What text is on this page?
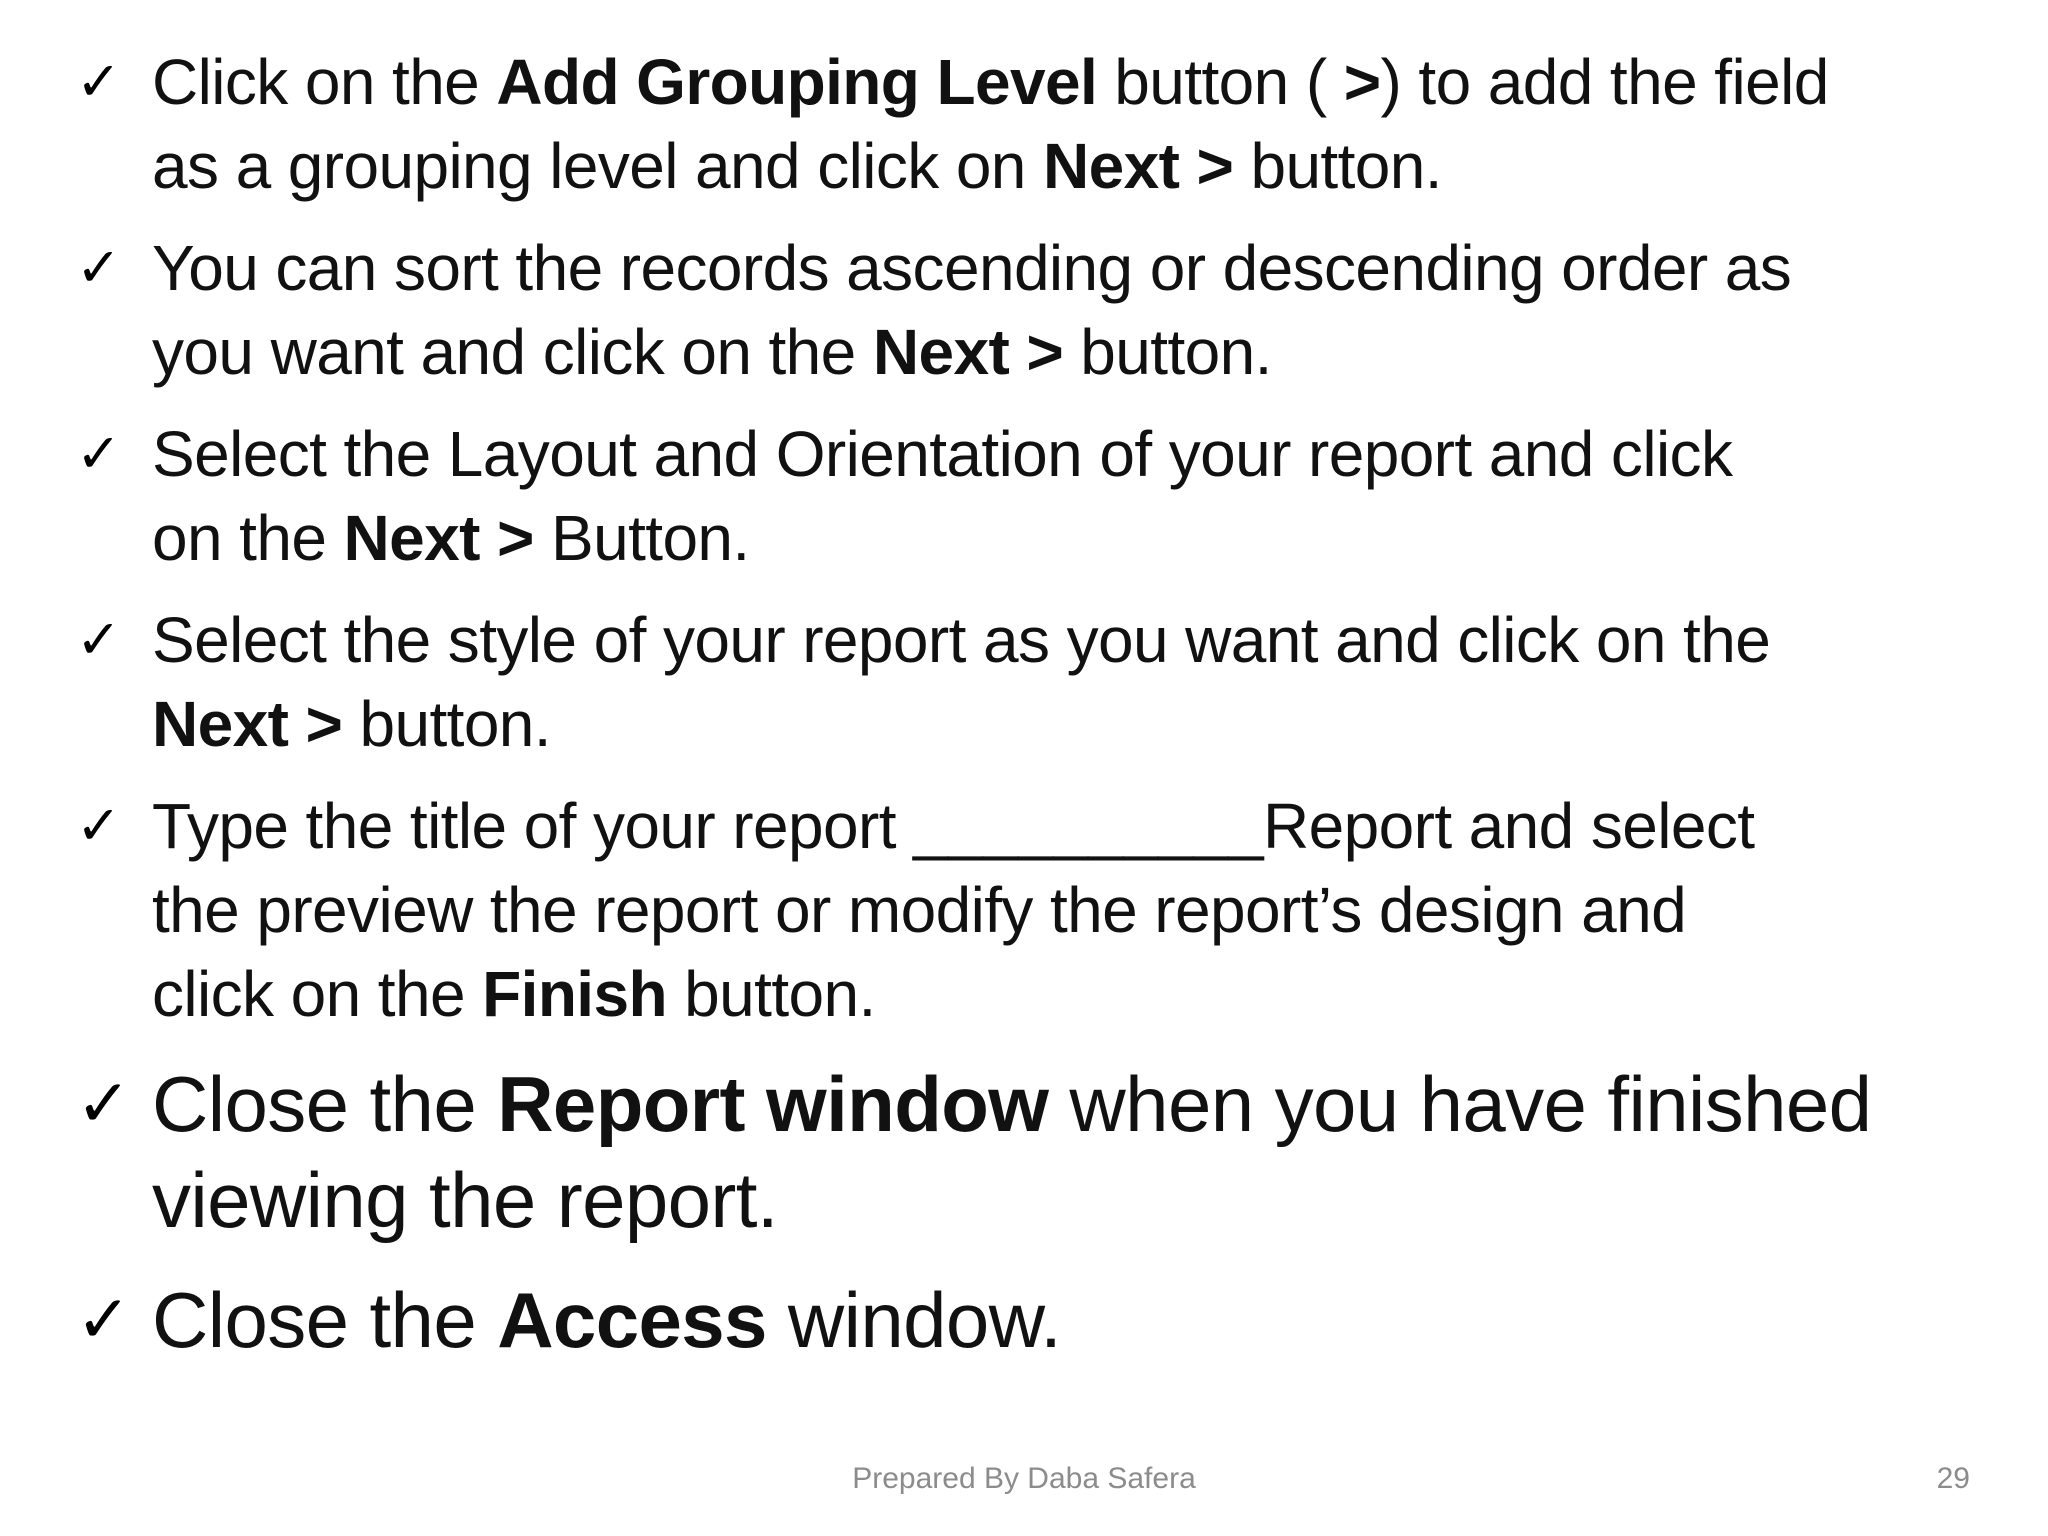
✓ Click on the Add Grouping Level button ( >) to add the field
as a grouping level and click on Next > button.
✓ You can sort the records ascending or descending order as
you want and click on the Next > button.
✓ Select the Layout and Orientation of your report and click
on the Next > Button.
✓ Select the style of your report as you want and click on the
Next > button.
✓ Type the title of your report __________Report and select
the preview the report or modify the report’s design and
click on the Finish button.
✓ Close the Report window when you have finished
viewing the report.
✓ Close the Access window.
Prepared By Daba Safera	29
